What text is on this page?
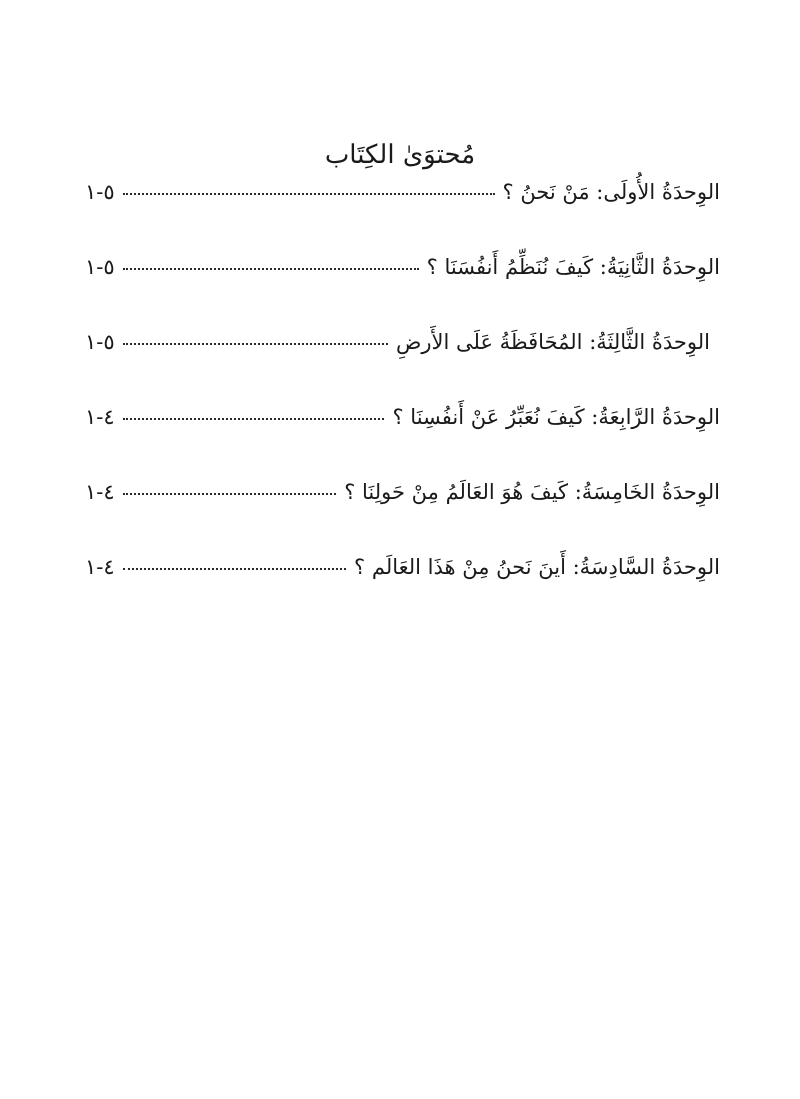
مُحتوَىٰ الكِتَاب
الوِحدَةُ الأُولَى: مَنْ نَحنُ ؟
٥-١
الوِحدَةُ الثَّانِيَةُ: كَيفَ نُنَظِّمُ أَنفُسَنَا ؟
٥-١
الوِحدَةُ الثَّالِثَةُ: المُحَافَظَةُ عَلَى الأَرضِ
٥-١
الوِحدَةُ الرَّابِعَةُ: كَيفَ نُعَبِّرُ عَنْ أَنفُسِنَا ؟
٤-١
الوِحدَةُ الخَامِسَةُ: كَيفَ هُوَ العَالَمُ مِنْ حَولِنَا ؟
٤-١
الوِحدَةُ السَّادِسَةُ: أَينَ نَحنُ مِنْ هَذَا العَالَم ؟
٤-١
